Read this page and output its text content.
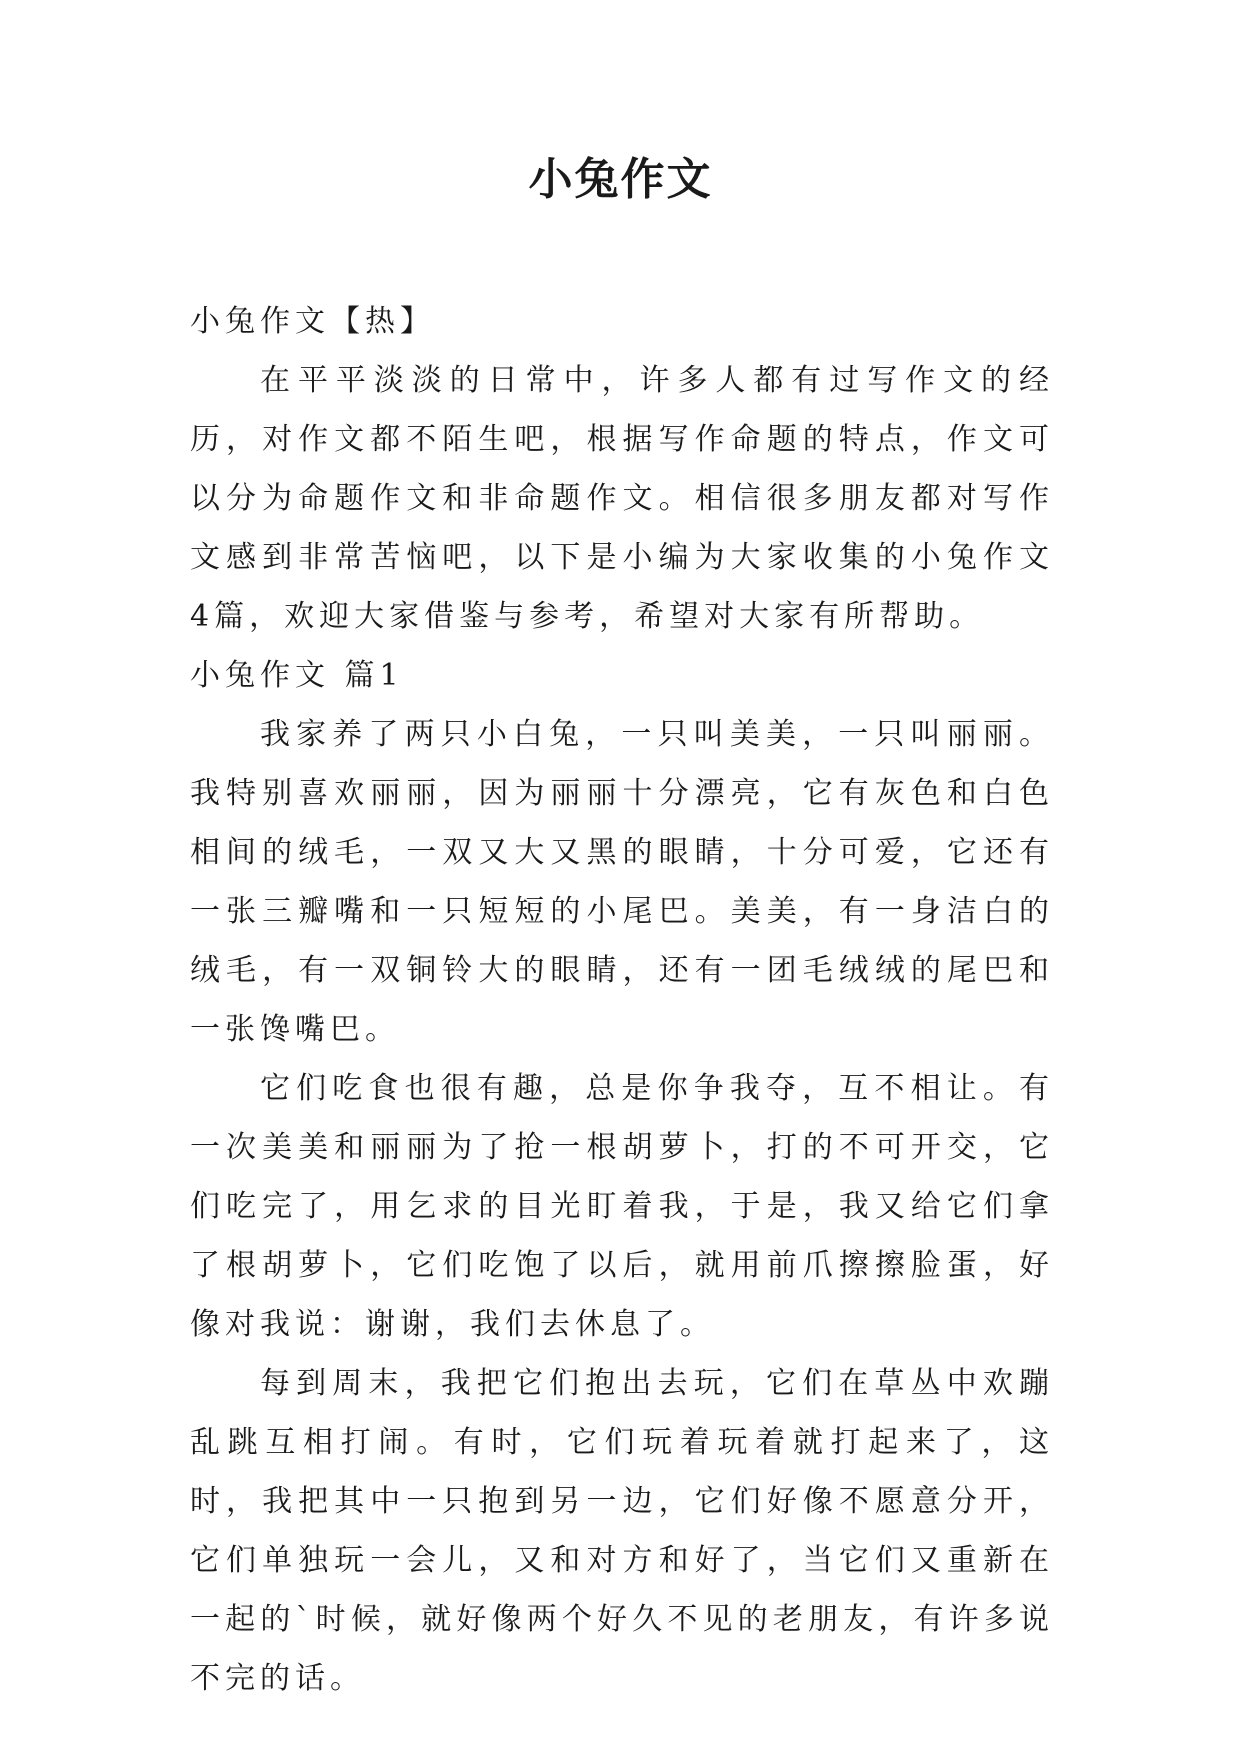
小兔作文

小兔作文【热】

在平平淡淡的日常中，许多人都有过写作文的经历，对作文都不陌生吧，根据写作命题的特点，作文可以分为命题作文和非命题作文。相信很多朋友都对写作文感到非常苦恼吧，以下是小编为大家收集的小兔作文4篇，欢迎大家借鉴与参考，希望对大家有所帮助。

小兔作文 篇1

我家养了两只小白兔，一只叫美美，一只叫丽丽。我特别喜欢丽丽，因为丽丽十分漂亮，它有灰色和白色相间的绒毛，一双又大又黑的眼睛，十分可爱，它还有一张三瓣嘴和一只短短的小尾巴。美美，有一身洁白的绒毛，有一双铜铃大的眼睛，还有一团毛绒绒的尾巴和一张馋嘴巴。

它们吃食也很有趣，总是你争我夺，互不相让。有一次美美和丽丽为了抢一根胡萝卜，打的不可开交，它们吃完了，用乞求的目光盯着我，于是，我又给它们拿了根胡萝卜，它们吃饱了以后，就用前爪擦擦脸蛋，好像对我说：谢谢，我们去休息了。

每到周末，我把它们抱出去玩，它们在草丛中欢蹦乱跳互相打闹。有时，它们玩着玩着就打起来了，这时，我把其中一只抱到另一边，它们好像不愿意分开，它们单独玩一会儿，又和对方和好了，当它们又重新在一起的`时候，就好像两个好久不见的老朋友，有许多说不完的话。
